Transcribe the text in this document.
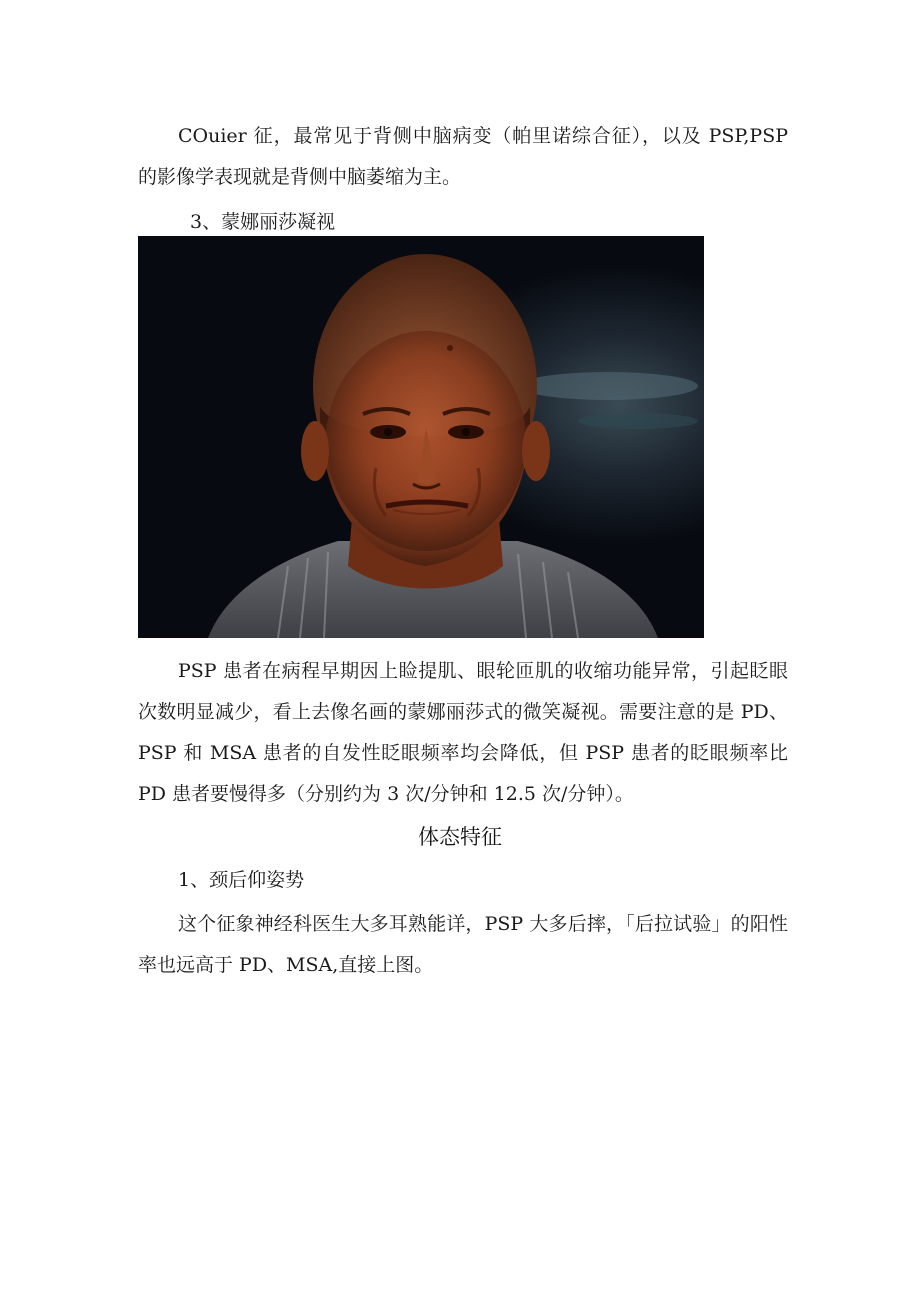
COuier 征，最常见于背侧中脑病变（帕里诺综合征），以及 PSP,PSP 的影像学表现就是背侧中脑萎缩为主。

3、蒙娜丽莎凝视

PSP 患者在病程早期因上睑提肌、眼轮匝肌的收缩功能异常，引起眨眼次数明显减少，看上去像名画的蒙娜丽莎式的微笑凝视。需要注意的是 PD、PSP 和 MSA 患者的自发性眨眼频率均会降低，但 PSP 患者的眨眼频率比 PD 患者要慢得多（分别约为 3 次/分钟和 12.5 次/分钟）。

体态特征

1、颈后仰姿势

这个征象神经科医生大多耳熟能详，PSP 大多后摔，「后拉试验」的阳性率也远高于 PD、MSA,直接上图。
